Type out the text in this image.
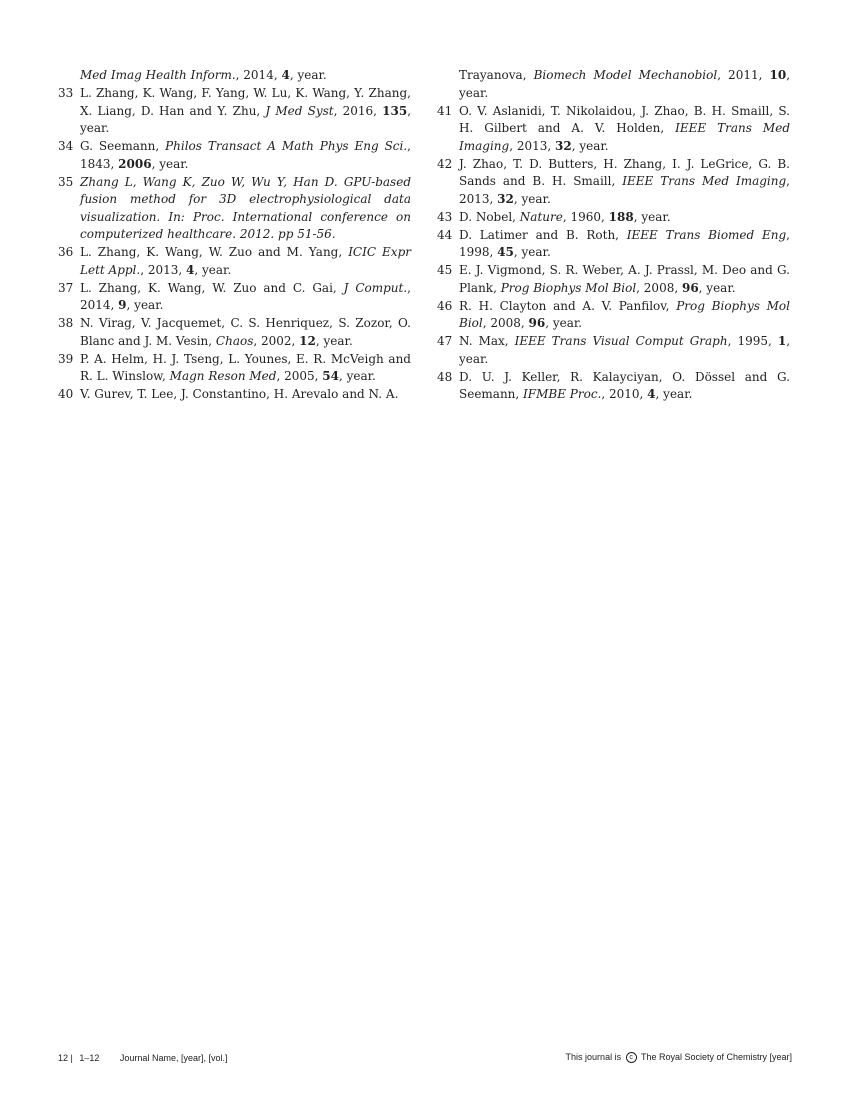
Med Imag Health Inform., 2014, 4, year.
33 L. Zhang, K. Wang, F. Yang, W. Lu, K. Wang, Y. Zhang, X. Liang, D. Han and Y. Zhu, J Med Syst, 2016, 135, year.
34 G. Seemann, Philos Transact A Math Phys Eng Sci., 1843, 2006, year.
35 Zhang L, Wang K, Zuo W, Wu Y, Han D. GPU-based fusion method for 3D electrophysiological data visualization. In: Proc. International conference on computerized healthcare. 2012. pp 51-56.
36 L. Zhang, K. Wang, W. Zuo and M. Yang, ICIC Expr Lett Appl., 2013, 4, year.
37 L. Zhang, K. Wang, W. Zuo and C. Gai, J Comput., 2014, 9, year.
38 N. Virag, V. Jacquemet, C. S. Henriquez, S. Zozor, O. Blanc and J. M. Vesin, Chaos, 2002, 12, year.
39 P. A. Helm, H. J. Tseng, L. Younes, E. R. McVeigh and R. L. Winslow, Magn Reson Med, 2005, 54, year.
40 V. Gurev, T. Lee, J. Constantino, H. Arevalo and N. A.
Trayanova, Biomech Model Mechanobiol, 2011, 10, year.
41 O. V. Aslanidi, T. Nikolaidou, J. Zhao, B. H. Smaill, S. H. Gilbert and A. V. Holden, IEEE Trans Med Imaging, 2013, 32, year.
42 J. Zhao, T. D. Butters, H. Zhang, I. J. LeGrice, G. B. Sands and B. H. Smaill, IEEE Trans Med Imaging, 2013, 32, year.
43 D. Nobel, Nature, 1960, 188, year.
44 D. Latimer and B. Roth, IEEE Trans Biomed Eng, 1998, 45, year.
45 E. J. Vigmond, S. R. Weber, A. J. Prassl, M. Deo and G. Plank, Prog Biophys Mol Biol, 2008, 96, year.
46 R. H. Clayton and A. V. Panfilov, Prog Biophys Mol Biol, 2008, 96, year.
47 N. Max, IEEE Trans Visual Comput Graph, 1995, 1, year.
48 D. U. J. Keller, R. Kalayciyan, O. Dössel and G. Seemann, IFMBE Proc., 2010, 4, year.
12 | 1–12 Journal Name, [year], [vol.]	This journal is c The Royal Society of Chemistry [year]
